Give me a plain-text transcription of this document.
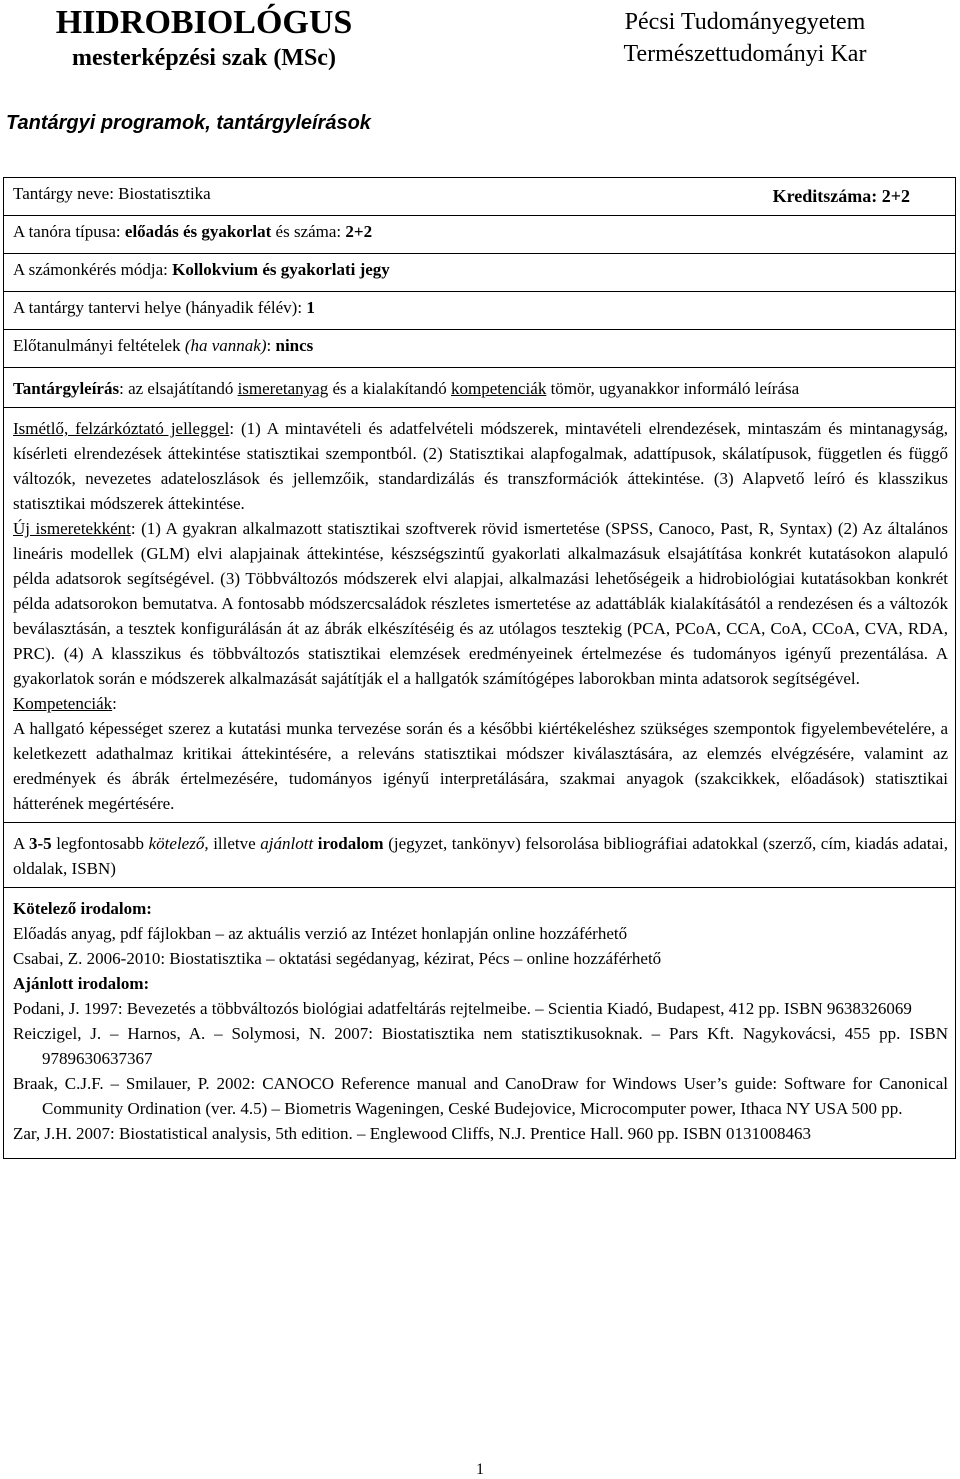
HIDROBIOLÓGUS
mesterképzési szak (MSc)
Pécsi Tudományegyetem
Természettudományi Kar
Tantárgyi programok, tantárgyleírások
Tantárgy neve: Biostatisztika	Kreditszáma: 2+2

A tanóra típusa: előadás és gyakorlat és száma: 2+2
A számonkérés módja: Kollokvium és gyakorlati jegy
A tantárgy tantervi helye (hányadik félév): 1
Előtanulmányi feltételek (ha vannak): nincs
Tantárgyleírás: az elsajátítandó ismeretanyag és a kialakítandó kompetenciák tömör, ugyanakkor informáló leírása

Ismétlő, felzárkóztató jelleggel: (1) A mintavételi és adatfelvételi módszerek, mintavételi elrendezések, mintaszám és mintanagyság, kísérleti elrendezések áttekintése statisztikai szempontból. (2) Statisztikai alapfogalmak, adattípusok, skálatípusok, független és függő változók, nevezetes adateloszlások és jellemzőik, standardizálás és transzformációk áttekintése. (3) Alapvető leíró és klasszikus statisztikai módszerek áttekintése.
Új ismeretekként: (1) A gyakran alkalmazott statisztikai szoftverek rövid ismertetése (SPSS, Canoco, Past, R, Syntax) (2) Az általános lineáris modellek (GLM) elvi alapjainak áttekintése, készségszintű gyakorlati alkalmazásuk elsajátítása konkrét kutatásokon alapuló példa adatsorok segítségével. (3) Többváltozós módszerek elvi alapjai, alkalmazási lehetőségeik a hidrobiológiai kutatásokban konkrét példa adatsorokon bemutatva. A fontosabb módszercsaládok részletes ismertetése az adattáblák kialakításától a rendezésen és a változók beválasztásán, a tesztek konfigurálásán át az ábrák elkészítéséig és az utólagos tesztekig (PCA, PCoA, CCA, CoA, CCoA, CVA, RDA, PRC). (4) A klasszikus és többváltozós statisztikai elemzések eredményeinek értelmezése és tudományos igényű prezentálása. A gyakorlatok során e módszerek alkalmazását sajátítják el a hallgatók számítógépes laborokban minta adatsorok segítségével.
Kompetenciák:
A hallgató képességet szerez a kutatási munka tervezése során és a későbbi kiértékeléshez szükséges szempontok figyelembevételére, a keletkezett adathalmaz kritikai áttekintésére, a releváns statisztikai módszer kiválasztására, az elemzés elvégzésére, valamint az eredmények és ábrák értelmezésére, tudományos igényű interpretálására, szakmai anyagok (szakcikkek, előadások) statisztikai hátterének megértésére.

A 3-5 legfontosabb kötelező, illetve ajánlott irodalom (jegyzet, tankönyv) felsorolása bibliográfiai adatokkal (szerző, cím, kiadás adatai, oldalak, ISBN)

Kötelező irodalom:
Előadás anyag, pdf fájlokban – az aktuális verzió az Intézet honlapján online hozzáférhető
Csabai, Z. 2006-2010: Biostatisztika – oktatási segédanyag, kézirat, Pécs – online hozzáférhető
Ajánlott irodalom:
Podani, J. 1997: Bevezetés a többváltozós biológiai adatfeltárás rejtelmeibe. – Scientia Kiadó, Budapest, 412 pp. ISBN 9638326069
Reiczigel, J. – Harnos, A. – Solymosi, N. 2007: Biostatisztika nem statisztikusoknak. – Pars Kft. Nagykovácsi, 455 pp. ISBN 9789630637367
Braak, C.J.F. – Smilauer, P. 2002: CANOCO Reference manual and CanoDraw for Windows User’s guide: Software for Canonical Community Ordination (ver. 4.5) – Biometris Wageningen, Ceské Budejovice, Microcomputer power, Ithaca NY USA 500 pp.
Zar, J.H. 2007: Biostatistical analysis, 5th edition. – Englewood Cliffs, N.J. Prentice Hall. 960 pp. ISBN 0131008463
1
